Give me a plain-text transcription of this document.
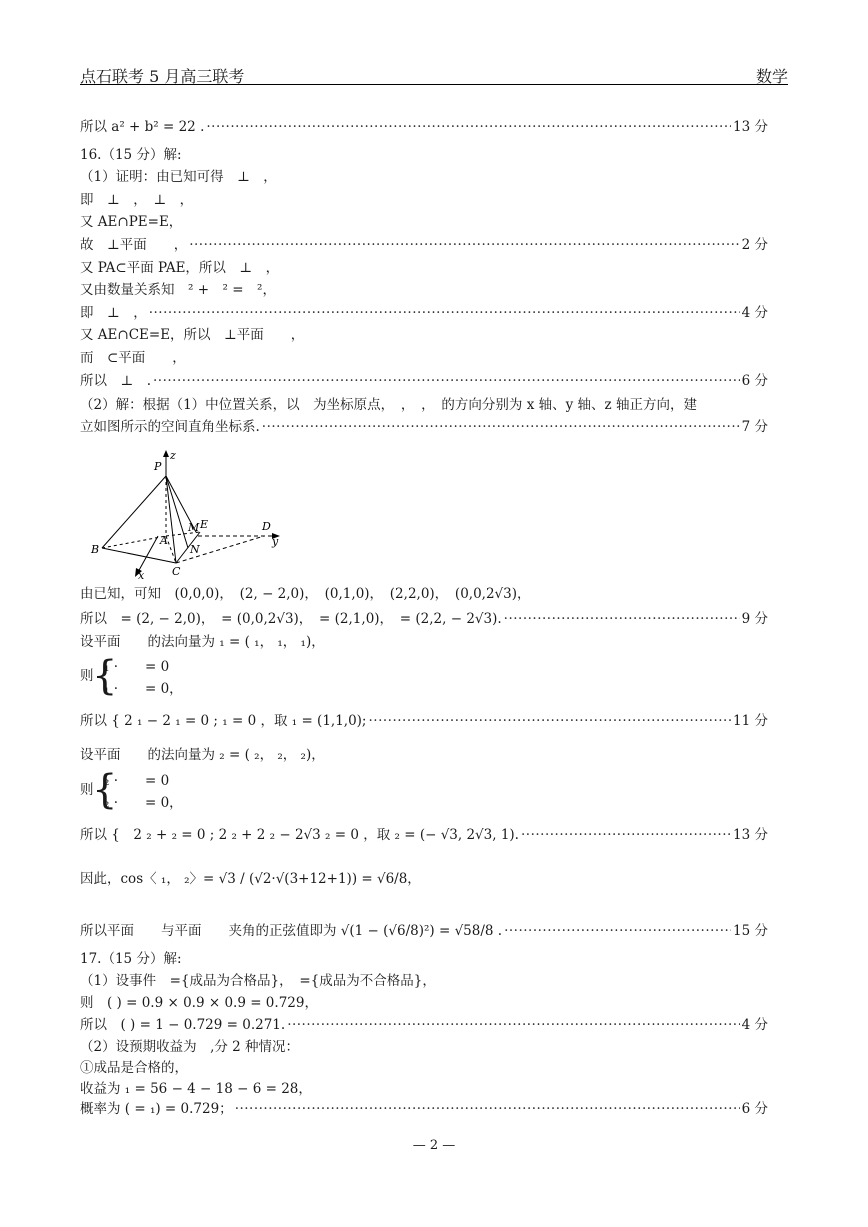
点石联考 5 月高三联考	数学
所以 a² + b² = 22 . ·····	13 分
16.（15 分）解:
（1）证明：由已知可得　⊥　，
即　⊥　，　⊥　，
又 AE∩PE=E，
故　⊥平面　　， ·····	2 分
又 PA⊂平面 PAE，所以　⊥　，
又由数量关系知　² +　² =　²，
即　⊥　， ·····	4 分
又 AE∩CE=E，所以　⊥平面　　，
而　⊂平面　　，
所以　⊥　. ·····	6 分
（2）解：根据（1）中位置关系，以　为坐标原点，　，　，　的方向分别为 x 轴、y 轴、z 轴正方向，建
立如图所示的空间直角坐标系. ·····	7 分
由已知，可知　(0,0,0)，　(2, − 2,0)，　(0,1,0)，　(2,2,0)，　(0,0,2√3)，
所以　= (2, − 2,0)，　= (0,0,2√3)，　= (2,1,0)，　= (2,2, − 2√3). ·····	9 分
设平面　　的法向量为 ₁ = ( ₁， ₁， ₁)，
所以 { 2 ₁ − 2 ₁ = 0 ; ₁ = 0 ，取 ₁ = (1,1,0); ·····	11 分
设平面　　的法向量为 ₂ = ( ₂， ₂， ₂)，
所以 {　2 ₂ + ₂ = 0 ; 2 ₂ + 2 ₂ − 2√3 ₂ = 0 ，取 ₂ = (− √3, 2√3, 1). ·····	13 分
因此，cos〈 ₁， ₂〉= √3 / (√2·√(3+12+1)) = √6/8，
所以平面　　与平面　　夹角的正弦值即为 √(1 − (√6/8)²) = √58/8 . ·····	15 分
17.（15 分）解:
（1）设事件　={成品为合格品}，　={成品为不合格品}，
则　( ) = 0.9 × 0.9 × 0.9 = 0.729，
所以　( ) = 1 − 0.729 = 0.271. ·····	4 分
（2）设预期收益为　,分 2 种情况：
①成品是合格的，
收益为 ₁ = 56 − 4 − 18 − 6 = 28，
概率为 ( = ₁) = 0.729； ·····	6 分
则
{
₁ ·　　= 0
₁ ·　　= 0，
则
{
₂ ·　　= 0
₂ ·　　= 0，
P
z
B
A
M E	D
y
N
C
x
— 2 —
